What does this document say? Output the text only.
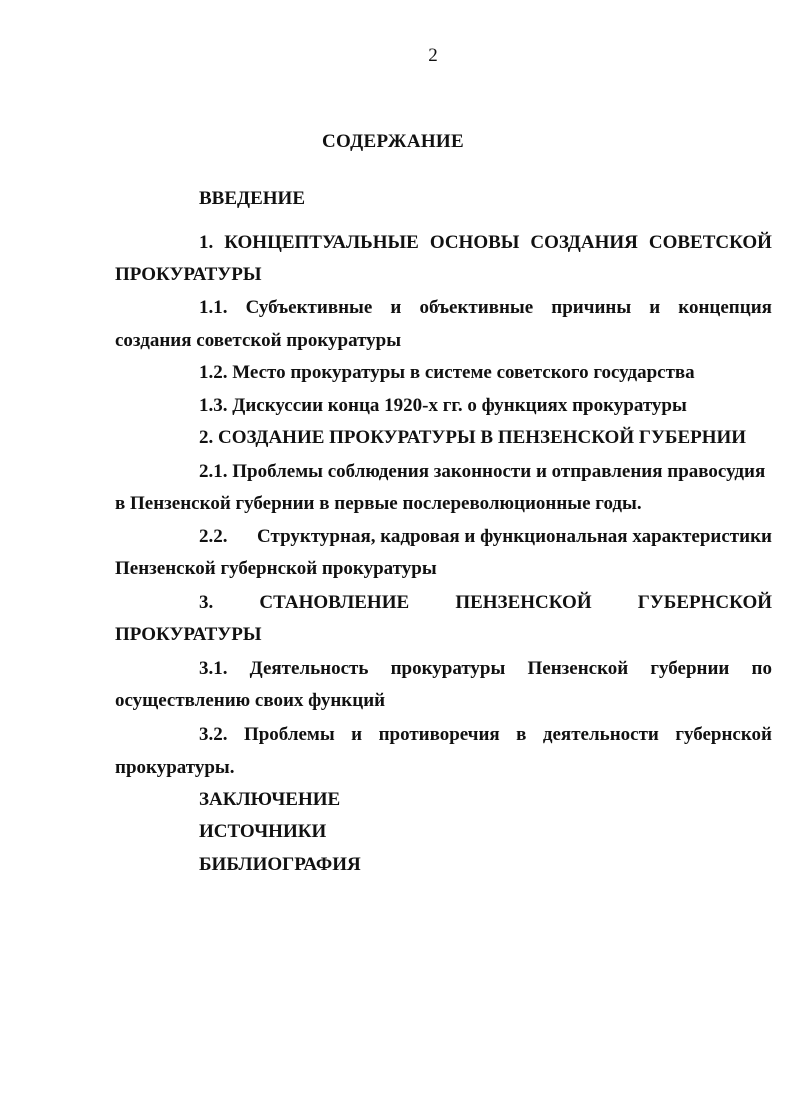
2
СОДЕРЖАНИЕ
ВВЕДЕНИЕ
1. КОНЦЕПТУАЛЬНЫЕ ОСНОВЫ СОЗДАНИЯ СОВЕТСКОЙ
ПРОКУРАТУРЫ
1.1. Субъективные и объективные причины и концепция
создания советской прокуратуры
1.2. Место прокуратуры в системе советского государства
1.3. Дискуссии конца 1920-х гг. о функциях прокуратуры
2. СОЗДАНИЕ ПРОКУРАТУРЫ В ПЕНЗЕНСКОЙ ГУБЕРНИИ
2.1. Проблемы соблюдения законности и отправления правосудия
в Пензенской губернии в первые послереволюционные годы.
2.2. Структурная, кадровая и функциональная характеристики
Пензенской губернской прокуратуры
3. СТАНОВЛЕНИЕ ПЕНЗЕНСКОЙ ГУБЕРНСКОЙ
ПРОКУРАТУРЫ
3.1. Деятельность прокуратуры Пензенской губернии по
осуществлению своих функций
3.2. Проблемы и противоречия в деятельности губернской
прокуратуры.
ЗАКЛЮЧЕНИЕ
ИСТОЧНИКИ
БИБЛИОГРАФИЯ
